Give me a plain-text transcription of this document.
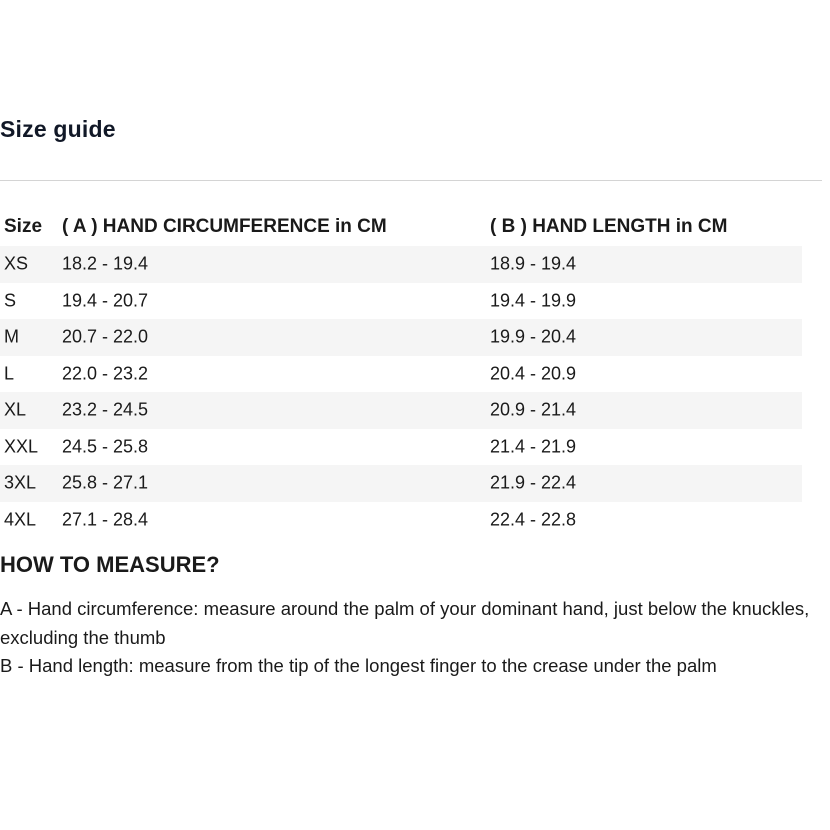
Size guide
Size ( A ) HAND CIRCUMFERENCE in CM	( B ) HAND LENGTH in CM
XS 18.2 - 19.4	18.9 - 19.4
S	19.4 - 20.7	19.4 - 19.9
M 20.7 - 22.0	19.9 - 20.4
L	22.0 - 23.2	20.4 - 20.9
XL 23.2 - 24.5	20.9 - 21.4
XXL 24.5 - 25.8	21.4 - 21.9
3XL 25.8 - 27.1	21.9 - 22.4
4XL 27.1 - 28.4	22.4 - 22.8
HOW TO MEASURE?

A - Hand circumference: measure around the palm of your dominant hand, just below the knuckles, excluding the thumb

B - Hand length: measure from the tip of the longest finger to the crease under the palm
